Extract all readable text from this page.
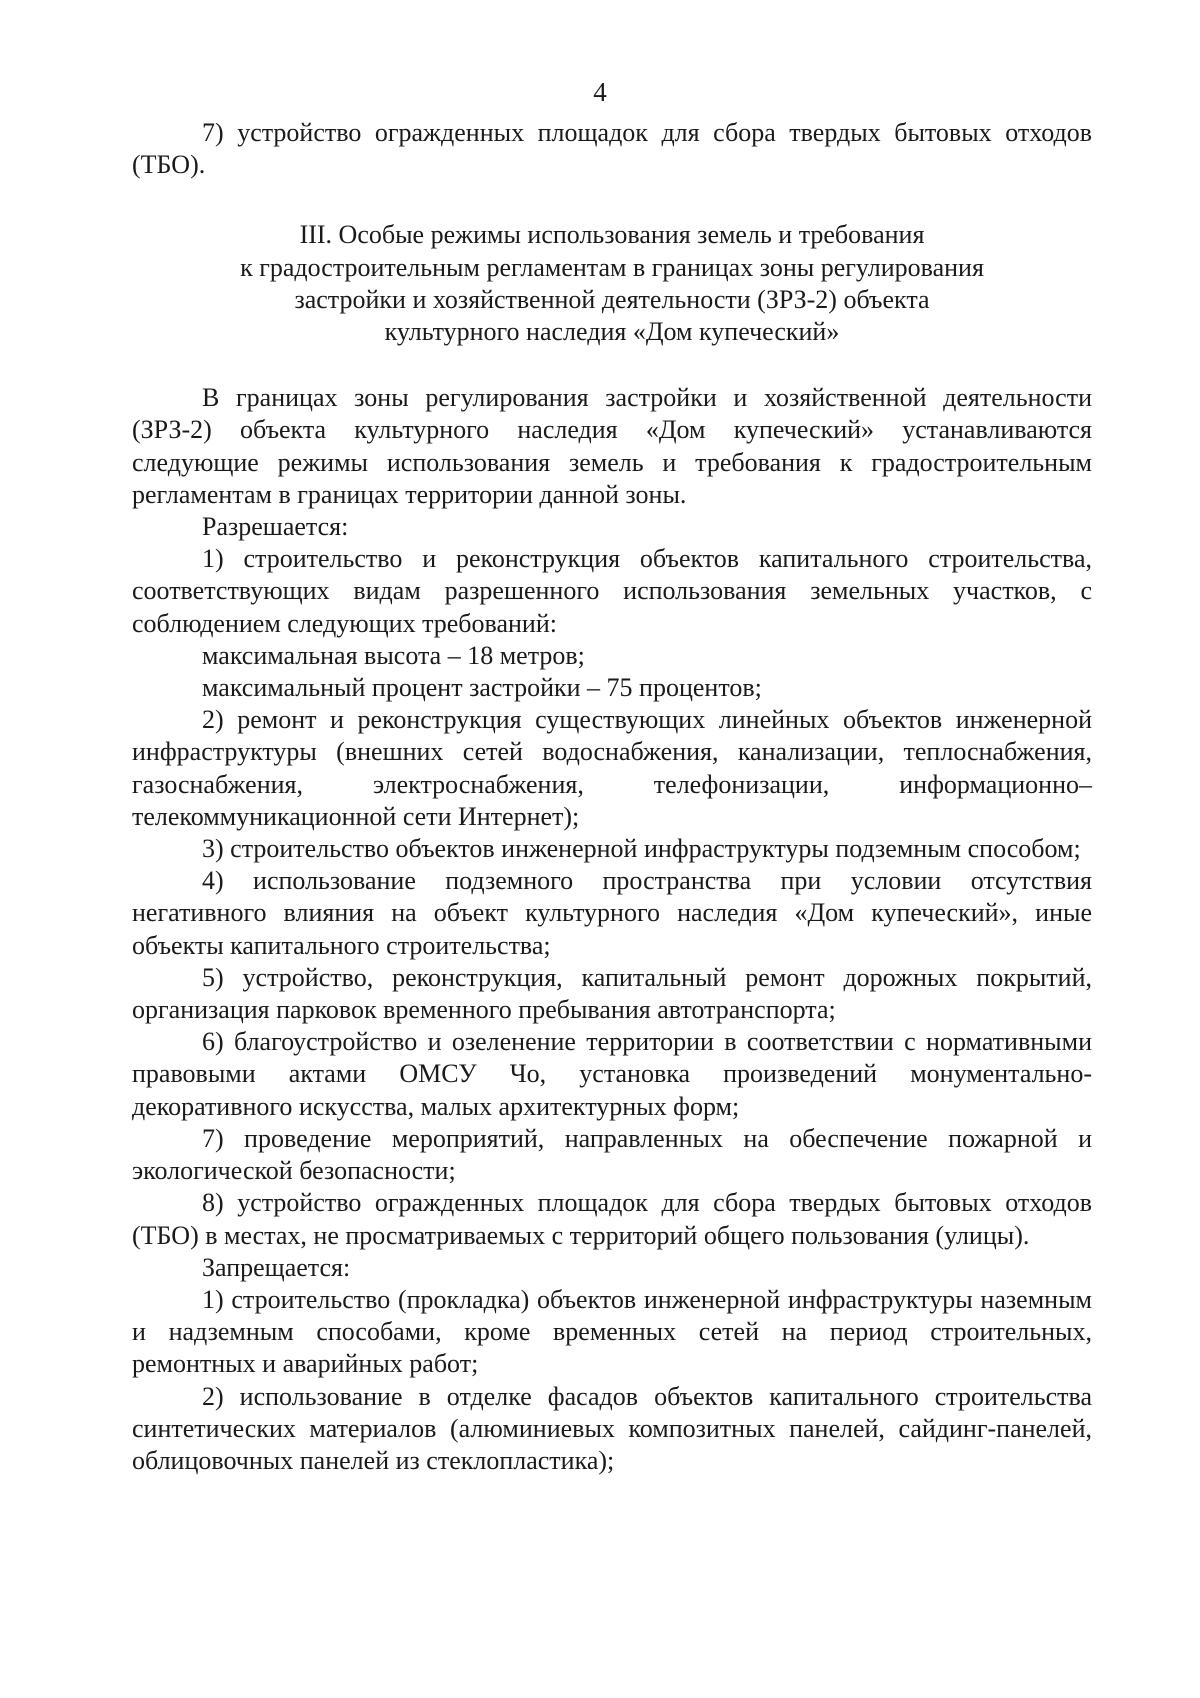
4

7) устройство огражденных площадок для сбора твердых бытовых отходов (ТБО).

III. Особые режимы использования земель и требования
к градостроительным регламентам в границах зоны регулирования
застройки и хозяйственной деятельности (ЗРЗ-2) объекта
культурного наследия «Дом купеческий»

В границах зоны регулирования застройки и хозяйственной деятельности (ЗРЗ-2) объекта культурного наследия «Дом купеческий» устанавливаются следующие режимы использования земель и требования к градостроительным регламентам в границах территории данной зоны.

Разрешается:

1) строительство и реконструкция объектов капитального строительства, соответствующих видам разрешенного использования земельных участков, с соблюдением следующих требований:

максимальная высота – 18 метров;

максимальный процент застройки – 75 процентов;

2) ремонт и реконструкция существующих линейных объектов инженерной инфраструктуры (внешних сетей водоснабжения, канализации, теплоснабжения, газоснабжения, электроснабжения, телефонизации, информационно–телекоммуникационной сети Интернет);

3) строительство объектов инженерной инфраструктуры подземным способом;

4) использование подземного пространства при условии отсутствия негативного влияния на объект культурного наследия «Дом купеческий», иные объекты капитального строительства;

5) устройство, реконструкция, капитальный ремонт дорожных покрытий, организация парковок временного пребывания автотранспорта;

6) благоустройство и озеленение территории в соответствии с нормативными правовыми актами ОМСУ Чо, установка произведений монументально-декоративного искусства, малых архитектурных форм;

7) проведение мероприятий, направленных на обеспечение пожарной и экологической безопасности;

8) устройство огражденных площадок для сбора твердых бытовых отходов (ТБО) в местах, не просматриваемых с территорий общего пользования (улицы).

Запрещается:

1) строительство (прокладка) объектов инженерной инфраструктуры наземным и надземным способами, кроме временных сетей на период строительных, ремонтных и аварийных работ;

2) использование в отделке фасадов объектов капитального строительства синтетических материалов (алюминиевых композитных панелей, сайдинг-панелей, облицовочных панелей из стеклопластика);
